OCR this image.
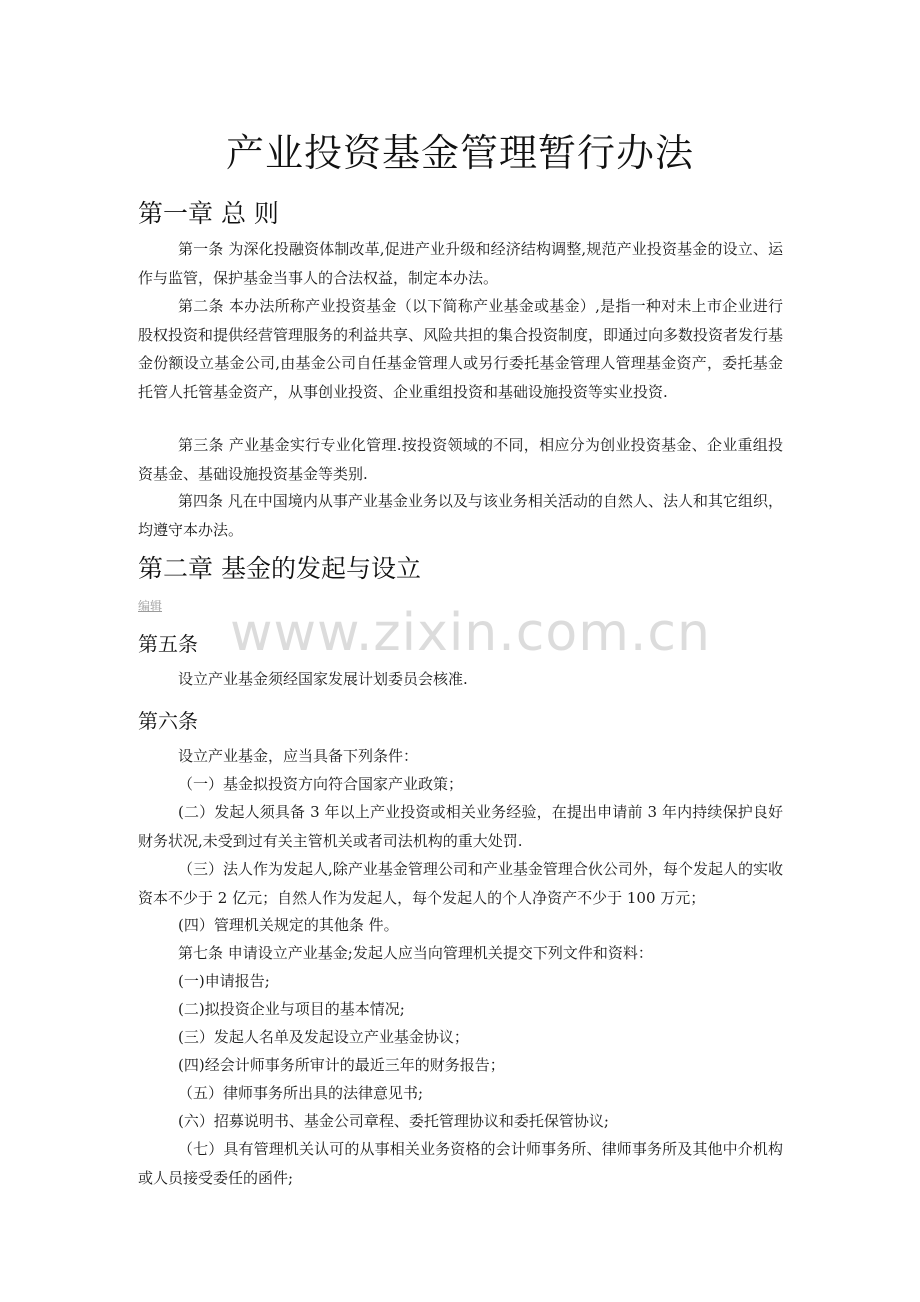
产业投资基金管理暂行办法
第一章 总 则

第一条 为深化投融资体制改革,促进产业升级和经济结构调整,规范产业投资基金的设立、运作与监管，保护基金当事人的合法权益，制定本办法。

第二条 本办法所称产业投资基金（以下简称产业基金或基金）,是指一种对未上市企业进行股权投资和提供经营管理服务的利益共享、风险共担的集合投资制度，即通过向多数投资者发行基金份额设立基金公司,由基金公司自任基金管理人或另行委托基金管理人管理基金资产，委托基金托管人托管基金资产，从事创业投资、企业重组投资和基础设施投资等实业投资.

第三条 产业基金实行专业化管理.按投资领域的不同，相应分为创业投资基金、企业重组投资基金、基础设施投资基金等类别.

第四条 凡在中国境内从事产业基金业务以及与该业务相关活动的自然人、法人和其它组织，均遵守本办法。

第二章 基金的发起与设立
编辑 www.zixin.com.cn
第五条

设立产业基金须经国家发展计划委员会核准.

第六条

设立产业基金，应当具备下列条件：

（一）基金拟投资方向符合国家产业政策；

(二）发起人须具备 3 年以上产业投资或相关业务经验，在提出申请前 3 年内持续保护良好财务状况,未受到过有关主管机关或者司法机构的重大处罚.

（三）法人作为发起人,除产业基金管理公司和产业基金管理合伙公司外，每个发起人的实收资本不少于 2 亿元；自然人作为发起人，每个发起人的个人净资产不少于 100 万元；

(四）管理机关规定的其他条 件。

第七条 申请设立产业基金;发起人应当向管理机关提交下列文件和资料：

(一)申请报告;

(二)拟投资企业与项目的基本情况;

(三）发起人名单及发起设立产业基金协议；

(四)经会计师事务所审计的最近三年的财务报告；

（五）律师事务所出具的法律意见书;

(六）招募说明书、基金公司章程、委托管理协议和委托保管协议;

（七）具有管理机关认可的从事相关业务资格的会计师事务所、律师事务所及其他中介机构或人员接受委任的函件;
